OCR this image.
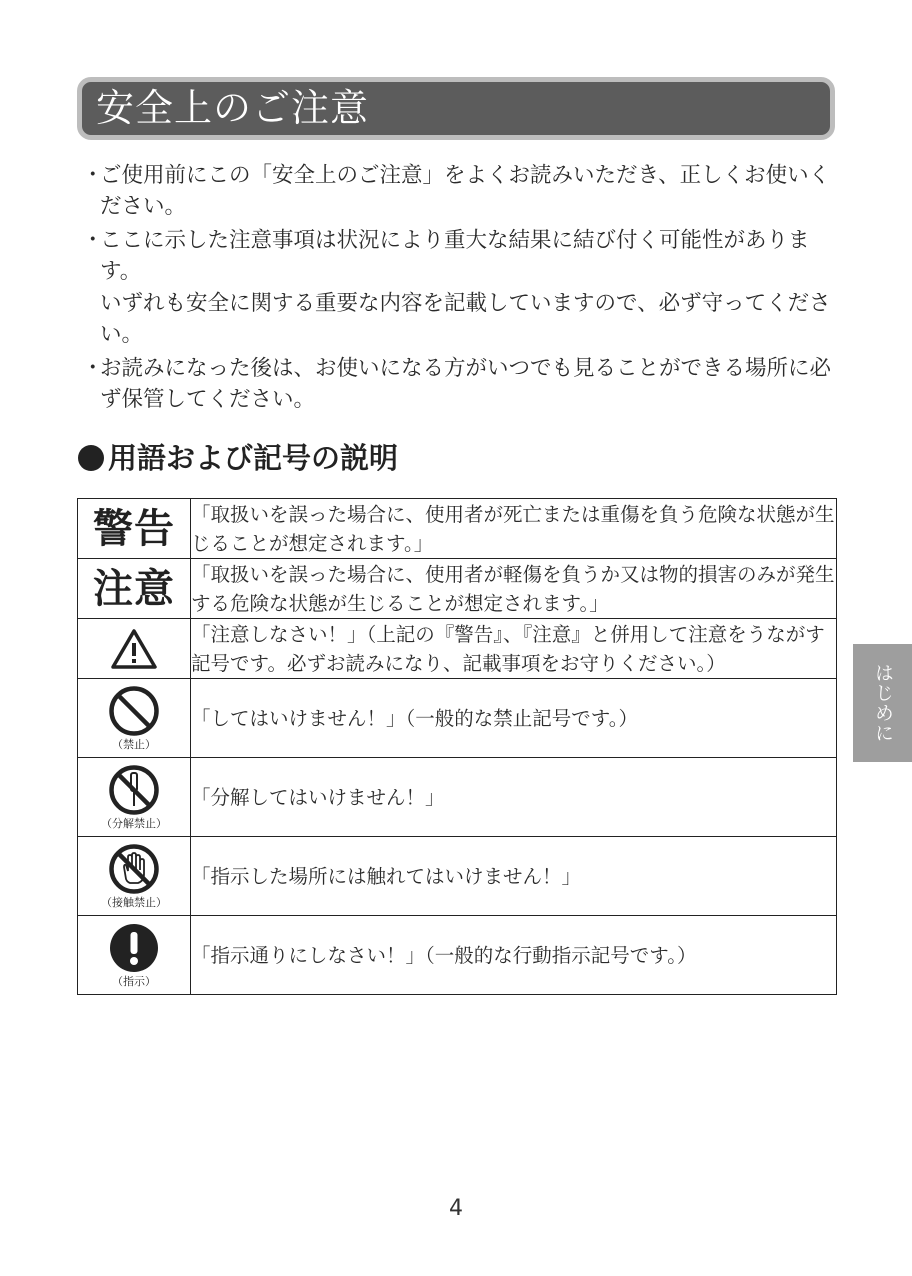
安全上のご注意
・

ご使用前にこの「安全上のご注意」をよくお読みいただき、正しくお使いください。

・

ここに示した注意事項は状況により重大な結果に結び付く可能性があります。

いずれも安全に関する重要な内容を記載していますので、必ず守ってください。

・

お読みになった後は、お使いになる方がいつでも見ることができる場所に必ず保管してください。

用語および記号の説明
警告	「取扱いを誤った場合に、使用者が死亡または重傷を負う危険な状態が生じることが想定されます。」
注意	「取扱いを誤った場合に、使用者が軽傷を負うか又は物的損害のみが発生する危険な状態が生じることが想定されます。」

	「注意しなさい！」（上記の『警告』、『注意』と併用して注意をうながす記号です。必ずお読みになり、記載事項をお守りください。）

（禁止）	「してはいけません！」（一般的な禁止記号です。）

（分解禁止）	「分解してはいけません！」

（接触禁止）	「指示した場所には触れてはいけません！」

（指示）	「指示通りにしなさい！」（一般的な行動指示記号です。）
はじめに
4
